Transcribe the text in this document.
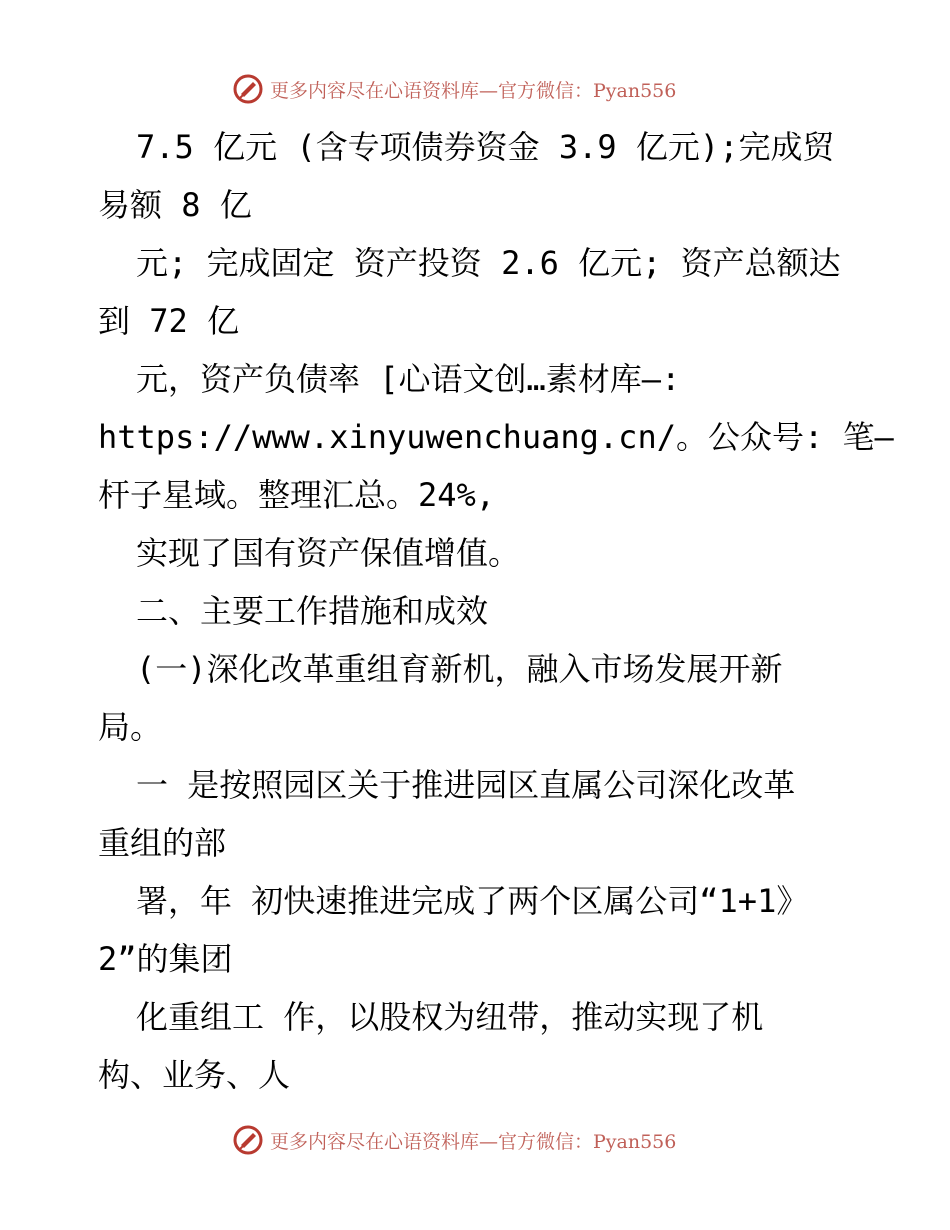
更多内容尽在心语资料库—官方微信：Pyan556
7.5 亿元 (含专项债券资金 3.9 亿元);完成贸
易额 8 亿
元; 完成固定 资产投资 2.6 亿元; 资产总额达
到 72 亿
元，资产负债率 [心语文创…素材库—:
https://www.xinyuwenchuang.cn/。公众号: 笔—
杆子星域。整理汇总。24%,
实现了国有资产保值增值。
二、主要工作措施和成效
(一)深化改革重组育新机，融入市场发展开新
局。
一 是按照园区关于推进园区直属公司深化改革
重组的部
署，年 初快速推进完成了两个区属公司“1+1》
2”的集团
化重组工 作，以股权为纽带，推动实现了机
构、业务、人
更多内容尽在心语资料库—官方微信：Pyan556
